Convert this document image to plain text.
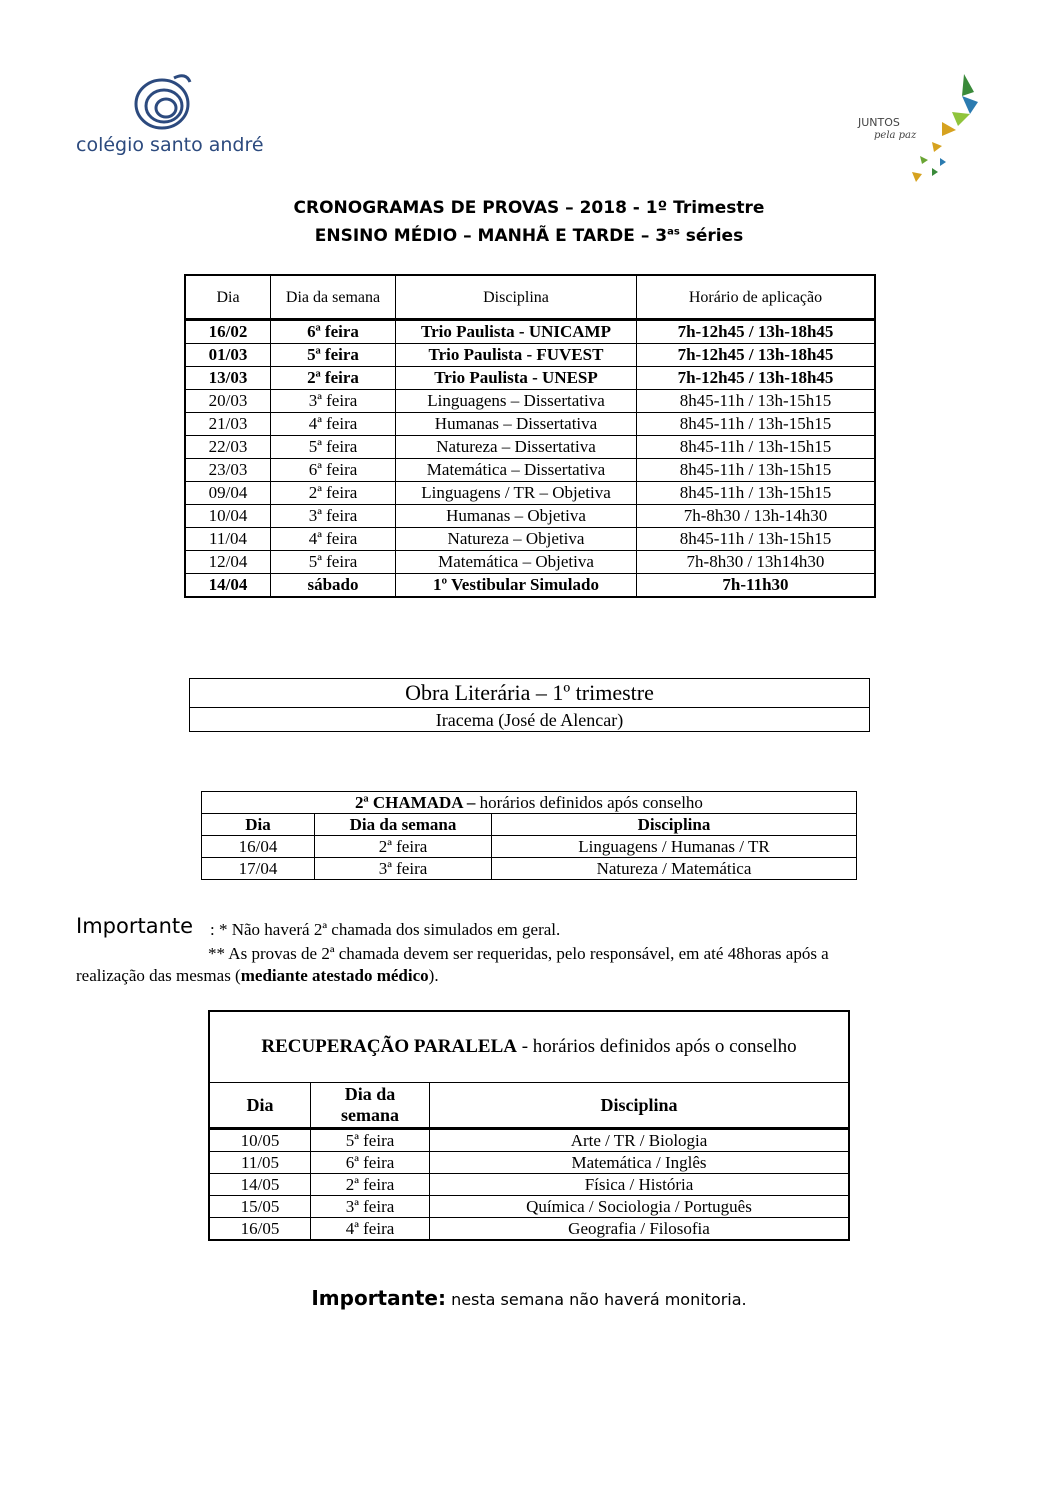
colégio santo andré
JUNTOS
pela paz
CRONOGRAMAS DE PROVAS – 2018 - 1º Trimestre
ENSINO MÉDIO – MANHÃ E TARDE – $3^{as}$ séries
Dia	Dia da semana	Disciplina	Horário de aplicação
16/02	6ª feira	Trio Paulista - UNICAMP	7h-12h45 / 13h-18h45
01/03	5ª feira	Trio Paulista - FUVEST	7h-12h45 / 13h-18h45
13/03	2ª feira	Trio Paulista - UNESP	7h-12h45 / 13h-18h45
20/03	3ª feira	Linguagens – Dissertativa	8h45-11h / 13h-15h15
21/03	4ª feira	Humanas – Dissertativa	8h45-11h / 13h-15h15
22/03	5ª feira	Natureza – Dissertativa	8h45-11h / 13h-15h15
23/03	6ª feira	Matemática – Dissertativa	8h45-11h / 13h-15h15
09/04	2ª feira	Linguagens / TR – Objetiva	8h45-11h / 13h-15h15
10/04	3ª feira	Humanas – Objetiva	7h-8h30 / 13h-14h30
11/04	4ª feira	Natureza – Objetiva	8h45-11h / 13h-15h15
12/04	5ª feira	Matemática – Objetiva	7h-8h30 / 13h14h30
14/04	sábado	1º Vestibular Simulado	7h-11h30
Obra Literária – 1º trimestre
Iracema (José de Alencar)
2ª CHAMADA – horários definidos após conselho		
Dia	Dia da semana	Disciplina
16/04	2ª feira	Linguagens / Humanas / TR
17/04	3ª feira	Natureza / Matemática
Importante : * Não haverá 2ª chamada dos simulados em geral.
** As provas de 2ª chamada devem ser requeridas, pelo responsável, em até 48horas após a
realização das mesmas (mediante atestado médico).
RECUPERAÇÃO PARALELA - horários definidos após o conselho		
Dia	Dia da semana	Disciplina
10/05	5ª feira	Arte / TR / Biologia
11/05	6ª feira	Matemática / Inglês
14/05	2ª feira	Física / História
15/05	3ª feira	Química / Sociologia / Português
16/05	4ª feira	Geografia / Filosofia
Importante: nesta semana não haverá monitoria.
